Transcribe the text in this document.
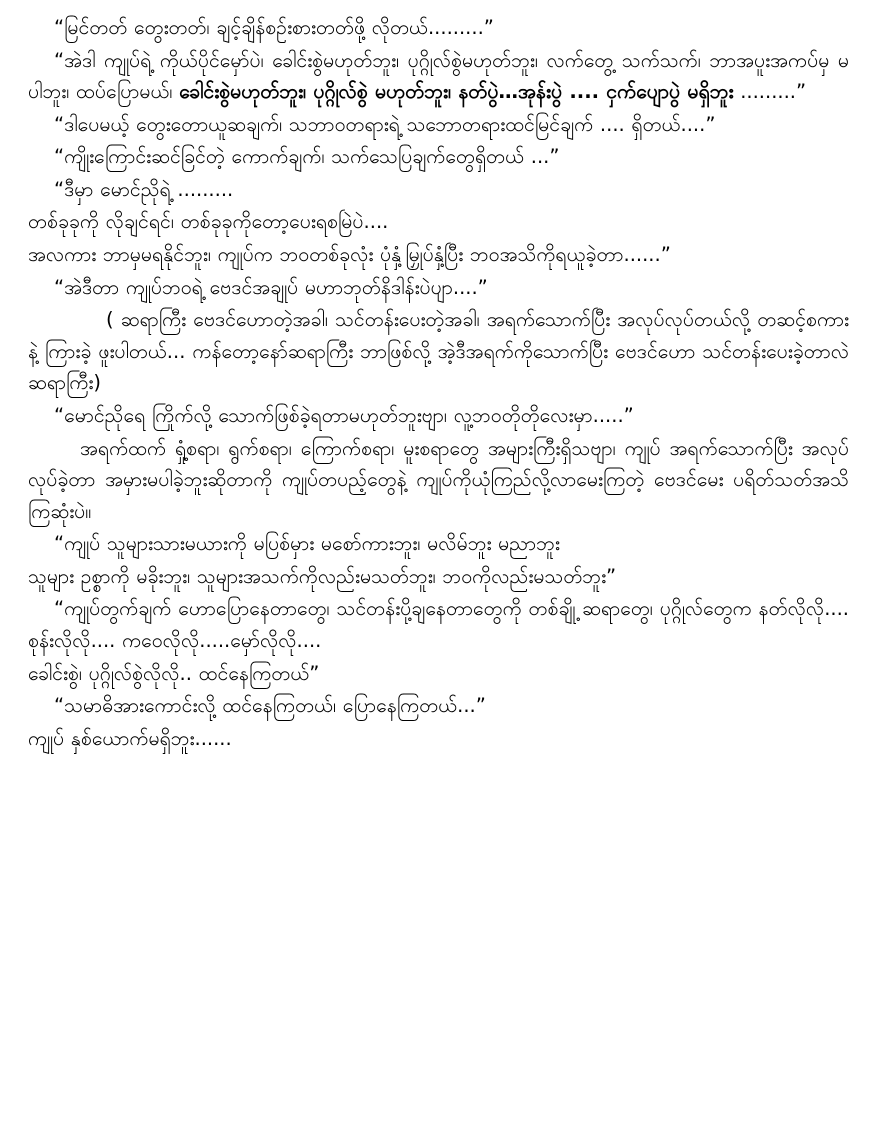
“မြင်တတ် တွေးတတ်၊ ချင့်ချိန်စဉ်းစားတတ်ဖို့ လိုတယ်.........”

“အဲဒါ ကျုပ်ရဲ့ ကိုယ်ပိုင်မှော်ပဲ၊ ခေါင်းစွဲမဟုတ်ဘူး၊ ပုဂ္ဂိုလ်စွဲမဟုတ်ဘူး၊ လက်တွေ့ သက်သက်၊ ဘာအပူးအကပ်မှ မပါဘူး၊ ထပ်ပြောမယ်၊ ခေါင်းစွဲမဟုတ်ဘူး၊ ပုဂ္ဂိုလ်စွဲ မဟုတ်ဘူး၊ နတ်ပွဲ…အုန်းပွဲ .... ငှက်ပျောပွဲ မရှိဘူး .........”

“ဒါပေမယ့် တွေးတောယူဆချက်၊ သဘာဝတရားရဲ့ သဘောတရားထင်မြင်ချက် .... ရှိတယ်....”

“ကျိုးကြောင်းဆင်ခြင်တဲ့ ကောက်ချက်၊ သက်သေပြချက်တွေရှိတယ် ...”

“ဒီမှာ မောင်ညိုရဲ့ .........

တစ်ခုခုကို လိုချင်ရင်၊ တစ်ခုခုကိုတော့ပေးရစမြဲပဲ....

အလကား ဘာမှမရနိုင်ဘူး၊ ကျုပ်က ဘဝတစ်ခုလုံး ပုံနှံ့မြှုပ်နှံ့ပြီး ဘဝအသိကိုရယူခဲ့တာ......”

“အဲဒီတာ ကျုပ်ဘဝရဲ့ ဗေဒင်အချုပ် မဟာဘုတ်နိဒါန်းပဲပျာ....”

( ဆရာကြီး ဗေဒင်ဟောတဲ့အခါ၊ သင်တန်းပေးတဲ့အခါ၊ အရက်သောက်ပြီး အလုပ်လုပ်တယ်လို့ တဆင့်စကားနဲ့ ကြားခဲ့ ဖူးပါတယ်... ကန်တော့နော်ဆရာကြီး ဘာဖြစ်လို့ အဲ့ဒီအရက်ကိုသောက်ပြီး ဗေဒင်ဟော သင်တန်းပေးခဲ့တာလဲ ဆရာကြီး)

“မောင်ညိုရေ ကြိုက်လို့ သောက်ဖြစ်ခဲ့ရတာမဟုတ်ဘူးဗျာ၊ လူ့ဘဝတိုတိုလေးမှာ.....”

အရက်ထက် ရှုံ့စရာ၊ ရွက်စရာ၊ ကြောက်စရာ၊ မူးစရာတွေ အများကြီးရှိသဗျာ၊ ကျုပ် အရက်သောက်ပြီး အလုပ်လုပ်ခဲ့တာ အမှားမပါခဲ့ဘူးဆိုတာကို ကျုပ်တပည့်တွေနဲ့ ကျုပ်ကိုယုံကြည်လို့လာမေးကြတဲ့ ဗေဒင်မေး ပရိတ်သတ်အသိကြဆုံးပဲ။

“ကျုပ် သူများသားမယားကို မပြစ်မှား မစော်ကားဘူး၊ မလိမ်ဘူး မညာဘူး

သူများ ဥစ္စာကို မခိုးဘူး၊ သူများအသက်ကိုလည်းမသတ်ဘူး၊ ဘဝကိုလည်းမသတ်ဘူး”

“ကျုပ်တွက်ချက် ဟောပြောနေတာတွေ၊ သင်တန်းပို့ချနေတာတွေကို တစ်ချို့ ဆရာတွေ၊ ပုဂ္ဂိုလ်တွေက နတ်လိုလို.... စုန်းလိုလို.... ကဝေလိုလို.....မှော်လိုလို....

ခေါင်းစွဲ၊ ပုဂ္ဂိုလ်စွဲလိုလို.. ထင်နေကြတယ်”

“သမာဓိအားကောင်းလို့ ထင်နေကြတယ်၊ ပြောနေကြတယ်...”

ကျုပ် နှစ်ယောက်မရှိဘူး......
